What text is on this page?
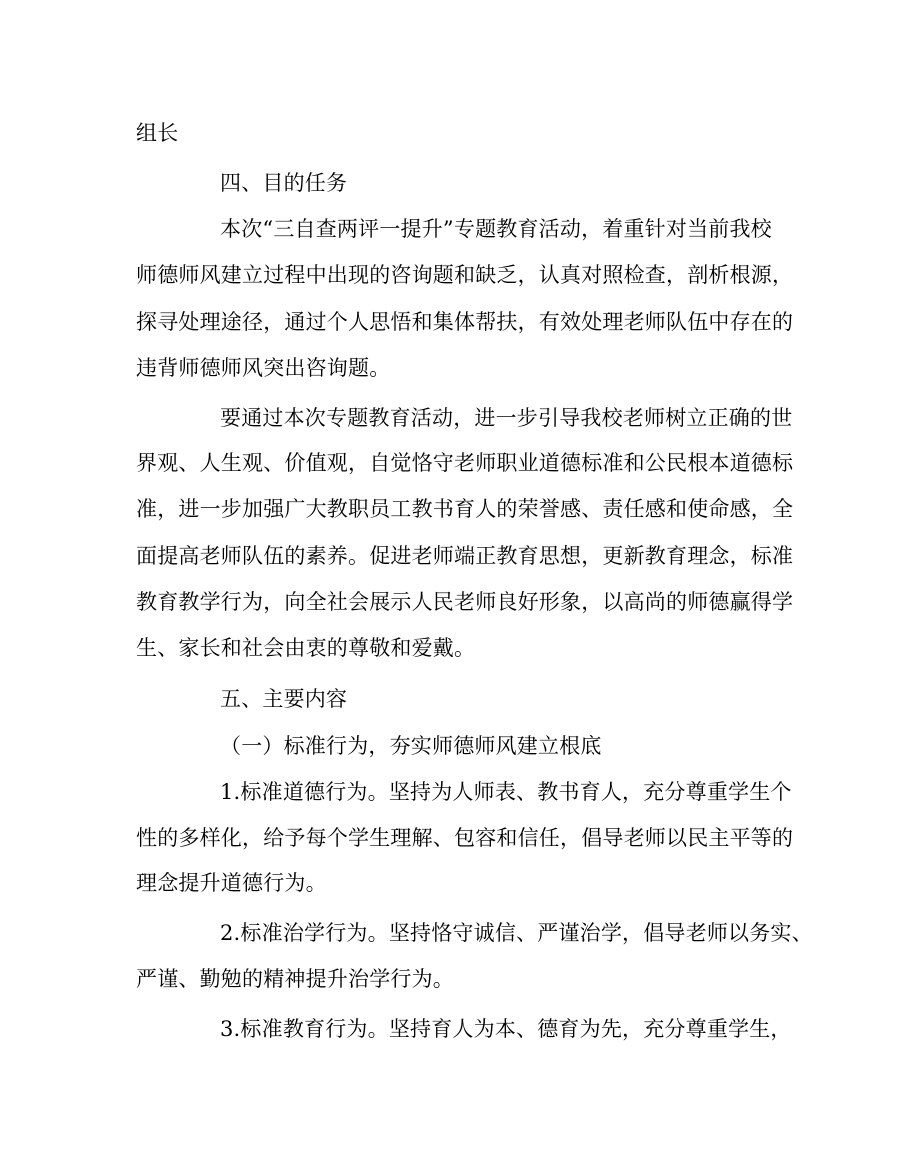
组长
四、目的任务
本次“三自查两评一提升”专题教育活动，着重针对当前我校
师德师风建立过程中出现的咨询题和缺乏，认真对照检查，剖析根源，
探寻处理途径，通过个人思悟和集体帮扶，有效处理老师队伍中存在的
违背师德师风突出咨询题。
要通过本次专题教育活动，进一步引导我校老师树立正确的世
界观、人生观、价值观，自觉恪守老师职业道德标准和公民根本道德标
准，进一步加强广大教职员工教书育人的荣誉感、责任感和使命感，全
面提高老师队伍的素养。促进老师端正教育思想，更新教育理念，标准
教育教学行为，向全社会展示人民老师良好形象，以高尚的师德赢得学
生、家长和社会由衷的尊敬和爱戴。
五、主要内容
（一）标准行为，夯实师德师风建立根底
1.标准道德行为。坚持为人师表、教书育人，充分尊重学生个
性的多样化，给予每个学生理解、包容和信任，倡导老师以民主平等的
理念提升道德行为。
2.标准治学行为。坚持恪守诚信、严谨治学，倡导老师以务实、
严谨、勤勉的精神提升治学行为。
3.标准教育行为。坚持育人为本、德育为先，充分尊重学生，
